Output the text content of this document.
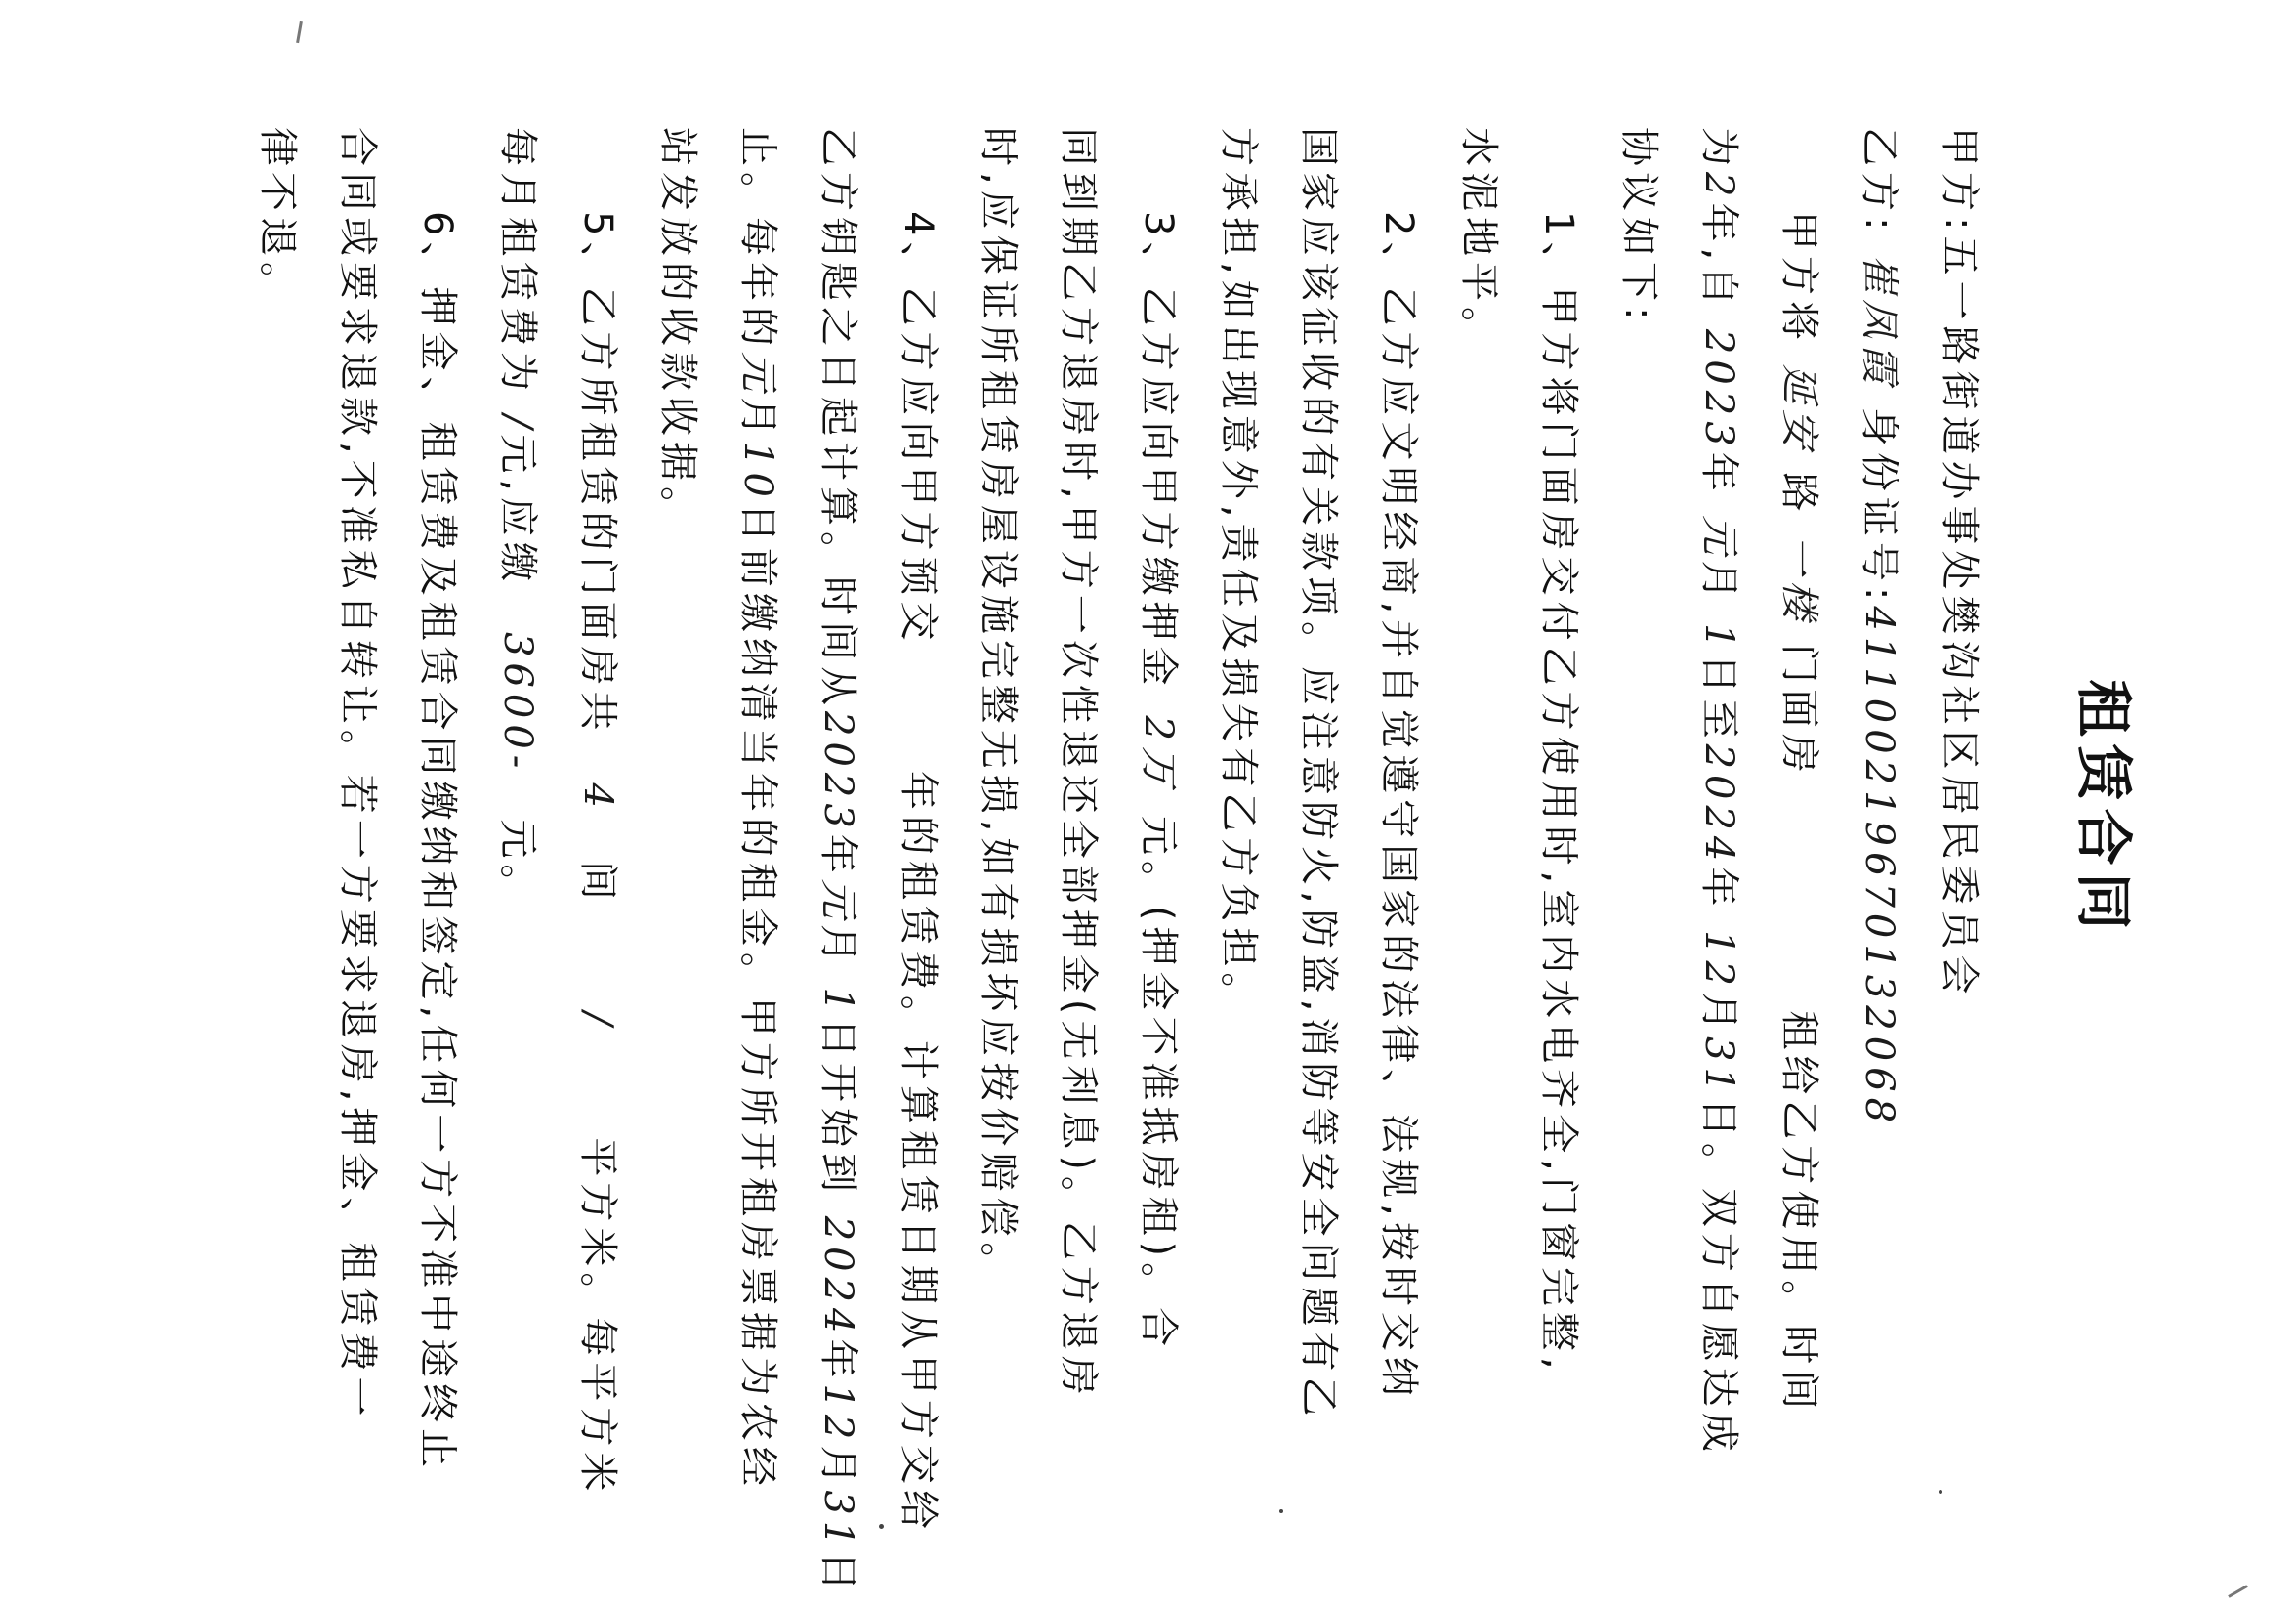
租赁合同
甲方:五一路街道办事处樊沟社区居民委员会
乙方: 崔凤霞 身份证号:41100219670132068
甲方将 延安 路 一楼 门面房  租给乙方使用。时间
为2年,自 2023年 元月 1日至2024年 12月31日。双方自愿达成
协议如下:
1、甲方将门面房交付乙方使用时,室内水电齐全,门窗完整,
水泥地平。
2、乙方应文明经商,并自觉遵守国家的法律、法规,按时交纳
国家应该征收的有关款项。应注意防火,防盗,消防等安全问题有乙
方承担,如出现意外,责任及损失有乙方负担。
3、乙方应向甲方缴押金 2万 元。(押金不准抵房租)。合
同到期乙方退房时,甲方一次性退还全部押金(无利息)。乙方退房
时,应保证所租赁房屋设施完整无损,如有损坏应按价赔偿。
4、乙方应向甲方预交  年的租赁费。计算租赁日期从甲方交给
乙方钥匙之日起计算。时间从2023年元月 1日开始到 2024年12月31日
止。每年的元月10日前缴纳清当年的租金。甲方所开租房票据为农经
站发放的收款收据。
5、乙方所租赁的门面房共 4 间 / 平方米。每平方米
每月租赁费为 /元,应缴 3600- 元。
6、押金、租赁费及租赁合同缴纳和签定,任何一方不准中途终止
合同或要求退款,不准私自转让。若一方要求退房,押金、租赁费一
律不退。
